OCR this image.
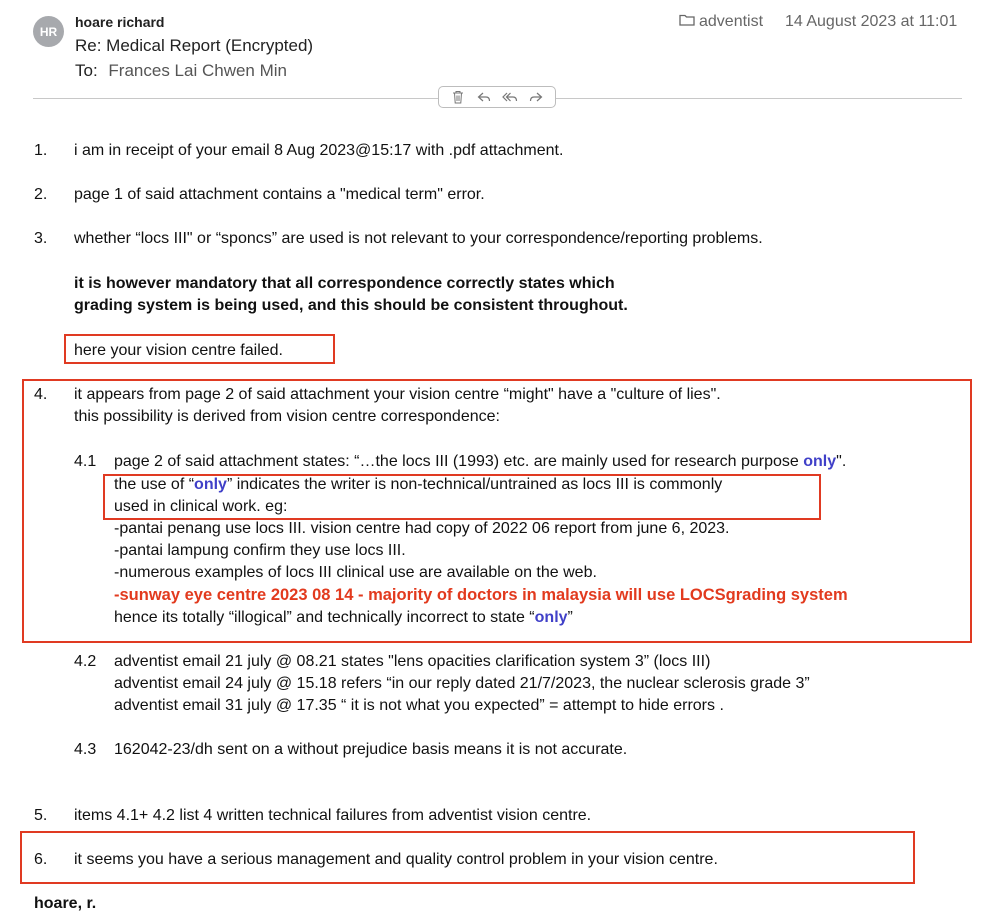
HR
hoare richard
Re: Medical Report (Encrypted)
To: Frances Lai Chwen Min
adventist 14 August 2023 at 11:01
1. i am in receipt of your email 8 Aug 2023@15:17 with .pdf attachment.
2. page 1 of said attachment contains a "medical term" error.
3. whether “locs III" or “sponcs” are used is not relevant to your correspondence/reporting problems.
it is however mandatory that all correspondence correctly states which
grading system is being used, and this should be consistent throughout.
here your vision centre failed.
4. it appears from page 2 of said attachment your vision centre “might" have a "culture of lies".
this possibility is derived from vision centre correspondence:
4.1 page 2 of said attachment states: “…the locs III (1993) etc. are mainly used for research purpose only".
the use of “only” indicates the writer is non-technical/untrained as locs III is commonly
used in clinical work. eg:
-pantai penang use locs III. vision centre had copy of 2022 06 report from june 6, 2023.
-pantai lampung confirm they use locs III.
-numerous examples of locs III clinical use are available on the web.
-sunway eye centre 2023 08 14 - majority of doctors in malaysia will use LOCSgrading system
hence its totally “illogical” and technically incorrect to state “only”
4.2 adventist email 21 july @ 08.21 states "lens opacities clarification system 3” (locs III)
adventist email 24 july @ 15.18 refers “in our reply dated 21/7/2023, the nuclear sclerosis grade 3”
adventist email 31 july @ 17.35 “ it is not what you expected” = attempt to hide errors .
4.3 162042-23/dh sent on a without prejudice basis means it is not accurate.
5. items 4.1+ 4.2 list 4 written technical failures from adventist vision centre.
6. it seems you have a serious management and quality control problem in your vision centre.
hoare, r.
